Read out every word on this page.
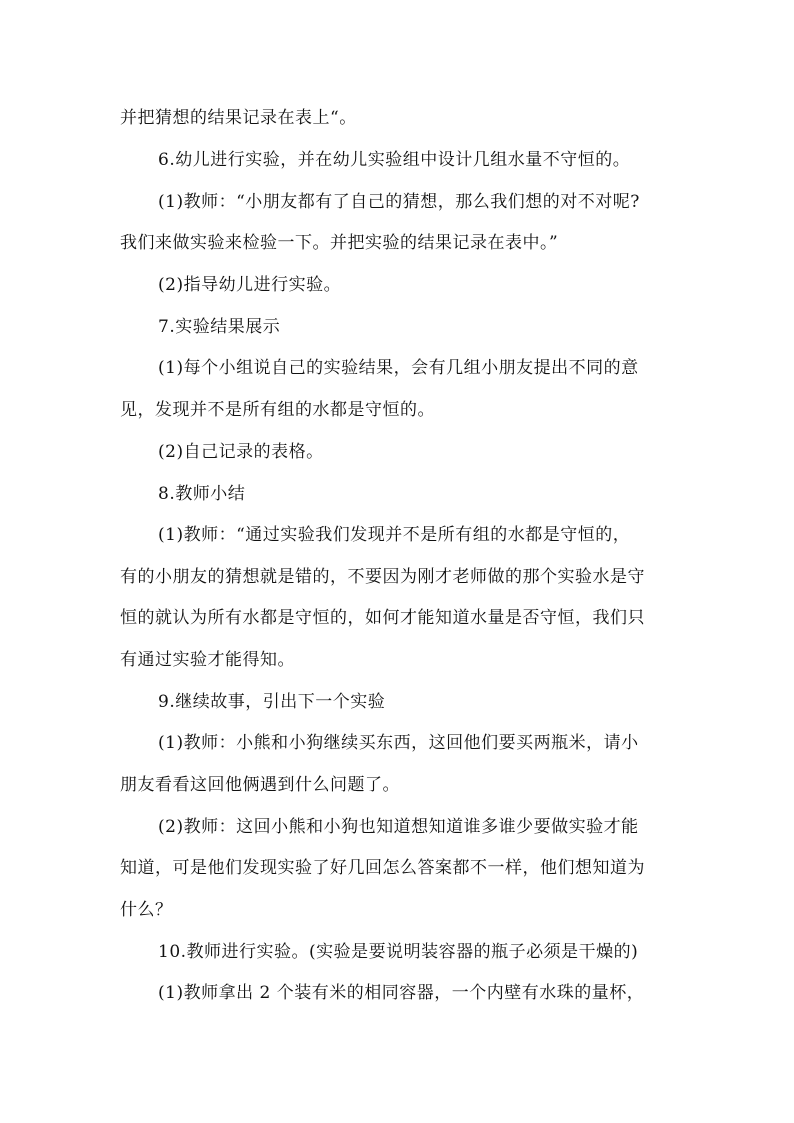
并把猜想的结果记录在表上“。
6.幼儿进行实验，并在幼儿实验组中设计几组水量不守恒的。
(1)教师：“小朋友都有了自己的猜想，那么我们想的对不对呢?
我们来做实验来检验一下。并把实验的结果记录在表中。”
(2)指导幼儿进行实验。
7.实验结果展示
(1)每个小组说自己的实验结果，会有几组小朋友提出不同的意
见，发现并不是所有组的水都是守恒的。
(2)自己记录的表格。
8.教师小结
(1)教师：“通过实验我们发现并不是所有组的水都是守恒的，
有的小朋友的猜想就是错的，不要因为刚才老师做的那个实验水是守
恒的就认为所有水都是守恒的，如何才能知道水量是否守恒，我们只
有通过实验才能得知。
9.继续故事，引出下一个实验
(1)教师：小熊和小狗继续买东西，这回他们要买两瓶米，请小
朋友看看这回他俩遇到什么问题了。
(2)教师：这回小熊和小狗也知道想知道谁多谁少要做实验才能
知道，可是他们发现实验了好几回怎么答案都不一样，他们想知道为
什么？
10.教师进行实验。(实验是要说明装容器的瓶子必须是干燥的)
(1)教师拿出 2 个装有米的相同容器，一个内壁有水珠的量杯，
